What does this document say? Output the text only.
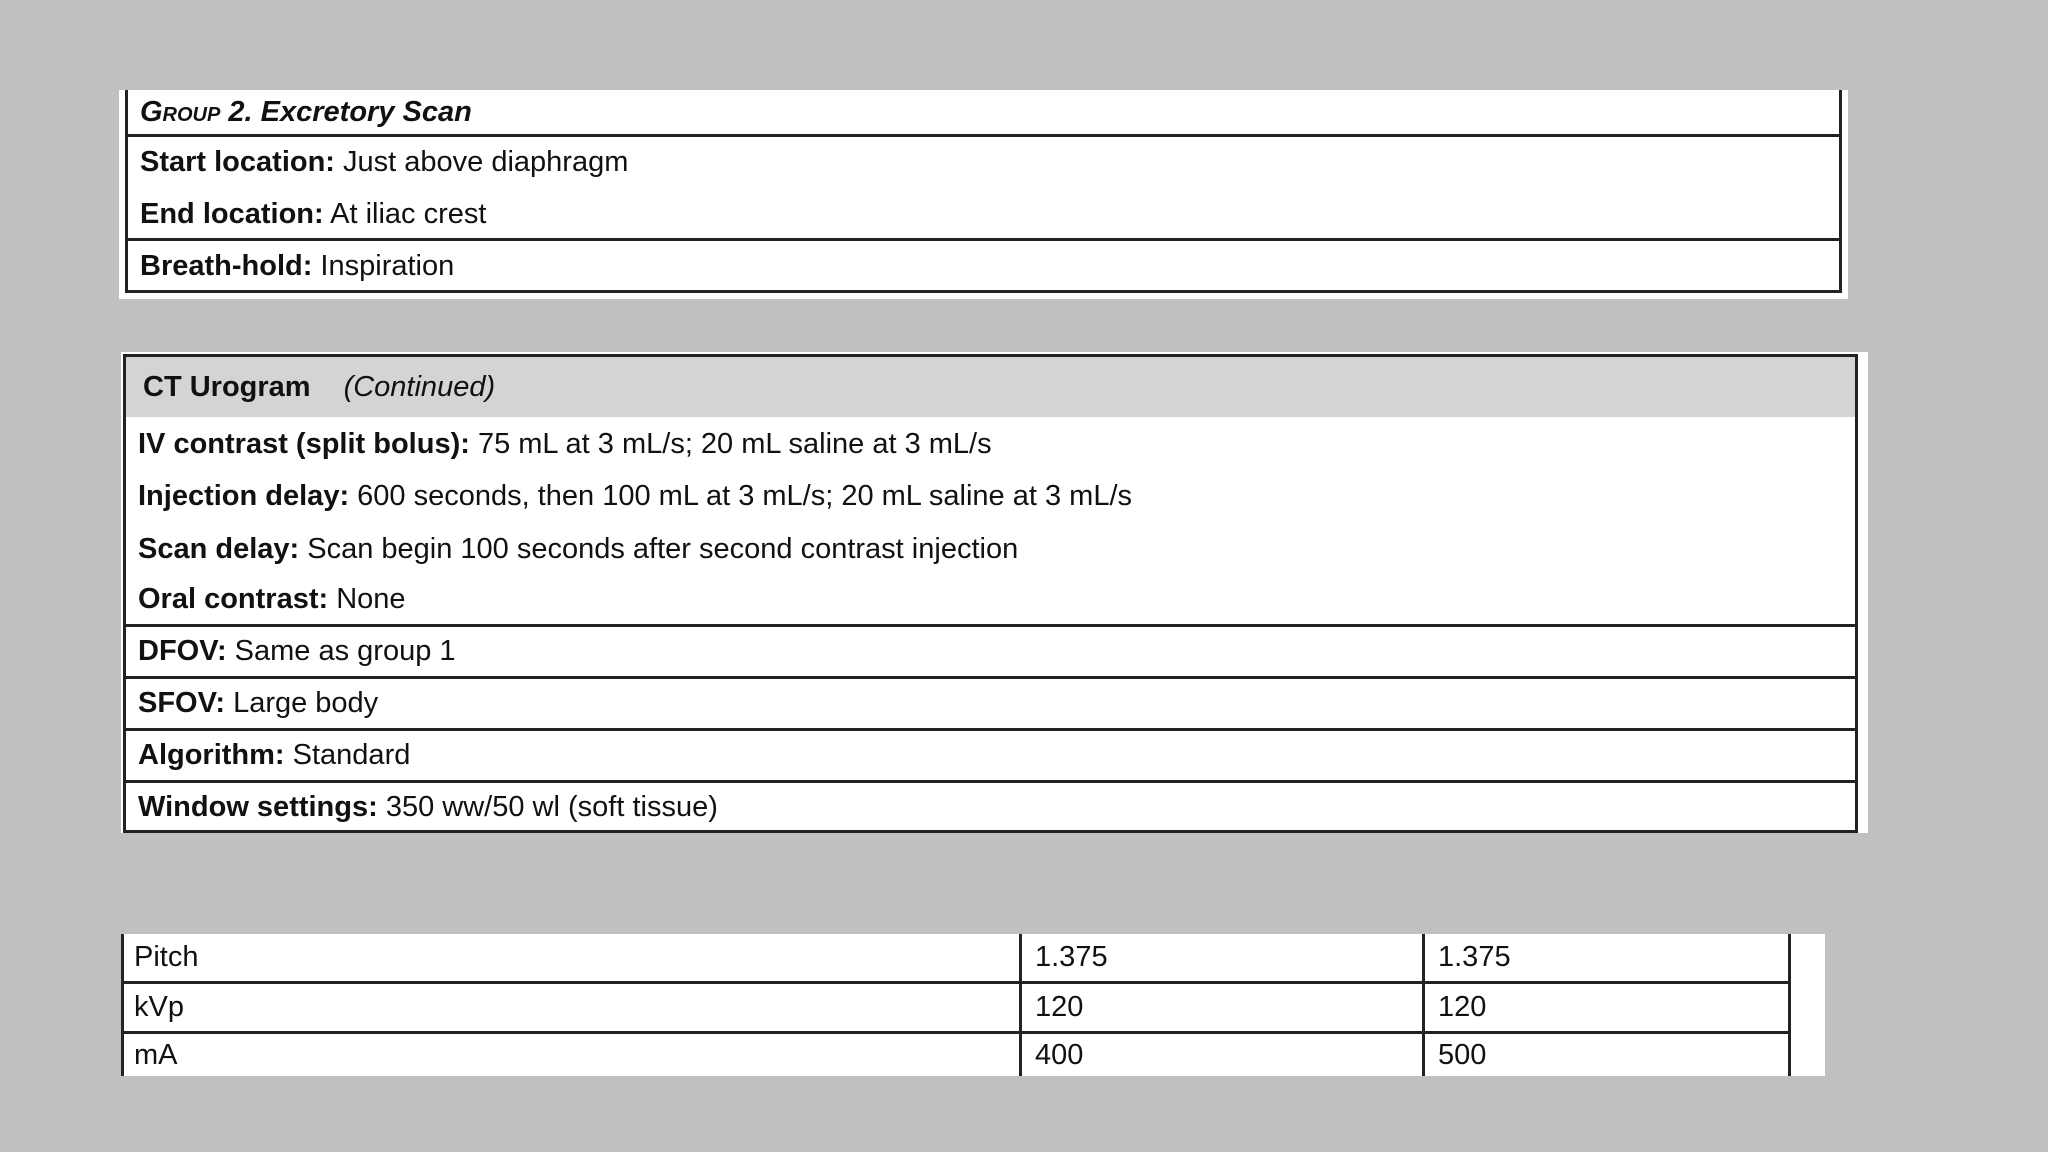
Group 2. Excretory Scan
Start location: Just above diaphragm
End location: At iliac crest
Breath-hold: Inspiration
CT Urogram (Continued)
IV contrast (split bolus): 75 mL at 3 mL/s; 20 mL saline at 3 mL/s
Injection delay: 600 seconds, then 100 mL at 3 mL/s; 20 mL saline at 3 mL/s
Scan delay: Scan begin 100 seconds after second contrast injection
Oral contrast: None
DFOV: Same as group 1
SFOV: Large body
Algorithm: Standard
Window settings: 350 ww/50 wl (soft tissue)
Pitch	1.375	1.375
kVp	120	120
mA	400	500
